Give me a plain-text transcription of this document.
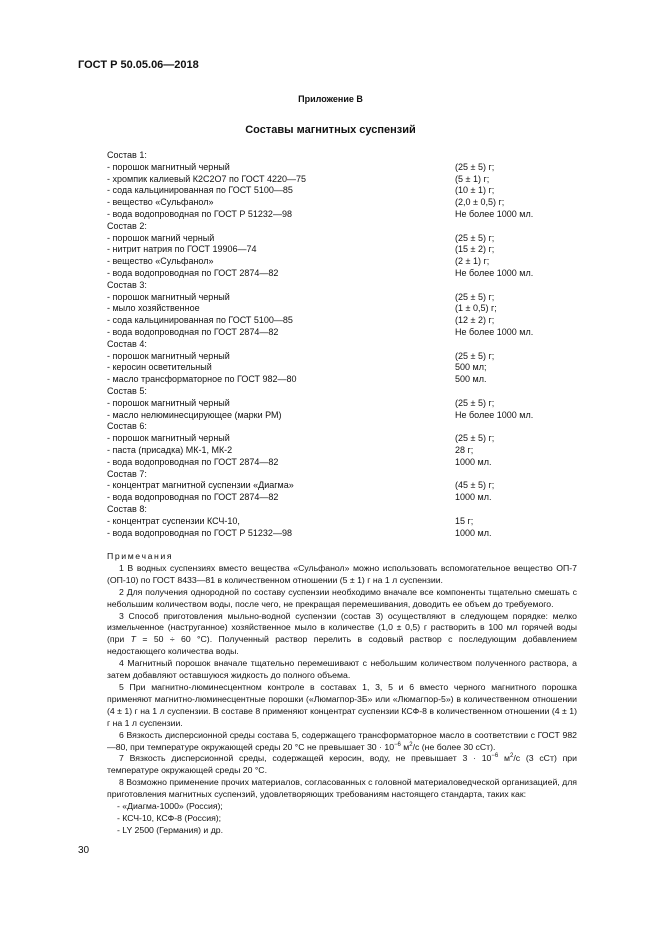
ГОСТ Р 50.05.06—2018
Приложение В
Составы магнитных суспензий
Состав 1:
- порошок магнитный черный	(25 ± 5) г;
- хромпик калиевый К2С2О7 по ГОСТ 4220—75	(5 ± 1) г;
- сода кальцинированная по ГОСТ 5100—85	(10 ± 1) г;
- вещество «Сульфанол»	(2,0 ± 0,5) г;
- вода водопроводная по ГОСТ Р 51232—98	Не более 1000 мл.
Состав 2:
- порошок магний черный	(25 ± 5) г;
- нитрит натрия по ГОСТ 19906—74	(15 ± 2) г;
- вещество «Сульфанол»	(2 ± 1) г;
- вода водопроводная по ГОСТ 2874—82	Не более 1000 мл.
Состав 3:
- порошок магнитный черный	(25 ± 5) г;
- мыло хозяйственное	(1 ± 0,5) г;
- сода кальцинированная по ГОСТ 5100—85	(12 ± 2) г;
- вода водопроводная по ГОСТ 2874—82	Не более 1000 мл.
Состав 4:
- порошок магнитный черный	(25 ± 5) г;
- керосин осветительный	500 мл;
- масло трансформаторное по ГОСТ 982—80	500 мл.
Состав 5:
- порошок магнитный черный	(25 ± 5) г;
- масло нелюминесцирующее (марки РМ)	Не более 1000 мл.
Состав 6:
- порошок магнитный черный	(25 ± 5) г;
- паста (присадка) МК-1, МК-2	28 г;
- вода водопроводная по ГОСТ 2874—82	1000 мл.
Состав 7:
- концентрат магнитной суспензии «Диагма»	(45 ± 5) г;
- вода водопроводная по ГОСТ 2874—82	1000 мл.
Состав 8:
- концентрат суспензии КСЧ-10,	15 г;
- вода водопроводная по ГОСТ Р 51232—98	1000 мл.
Примечания

1 В водных суспензиях вместо вещества «Сульфанол» можно использовать вспомогательное вещество ОП-7 (ОП-10) по ГОСТ 8433—81 в количественном отношении (5 ± 1) г на 1 л суспензии.

2 Для получения однородной по составу суспензии необходимо вначале все компоненты тщательно смешать с небольшим количеством воды, после чего, не прекращая перемешивания, доводить ее объем до требуемого.

3 Способ приготовления мыльно-водной суспензии (состав 3) осуществляют в следующем порядке: мелко измельченное (наструганное) хозяйственное мыло в количестве (1,0 ± 0,5) г растворить в 100 мл горячей воды (при Т = 50 ÷ 60 °С). Полученный раствор перелить в содовый раствор с последующим добавлением недостающего количества воды.

4 Магнитный порошок вначале тщательно перемешивают с небольшим количеством полученного раствора, а затем добавляют оставшуюся жидкость до полного объема.

5 При магнитно-люминесцентном контроле в составах 1, 3, 5 и 6 вместо черного магнитного порошка применяют магнитно-люминесцентные порошки («Люмагпор-3Б» или «Люмагпор-5») в количественном отношении (4 ± 1) г на 1 л суспензии. В составе 8 применяют концентрат суспензии КСФ-8 в количественном отношении (4 ± 1) г на 1 л суспензии.

6 Вязкость дисперсионной среды состава 5, содержащего трансформаторное масло в соответствии с ГОСТ 982—80, при температуре окружающей среды 20 °С не превышает $30 \cdot 10^{-6}$ $м^2/с$ (не более 30 сСт).

7 Вязкость дисперсионной среды, содержащей керосин, воду, не превышает $3 \cdot 10^{-6}$ $м^2/с$ (3 сСт) при температуре окружающей среды 20 °С.

8 Возможно применение прочих материалов, согласованных с головной материаловедческой организацией, для приготовления магнитных суспензий, удовлетворяющих требованиям настоящего стандарта, таких как:

- «Диагма-1000» (Россия);

- КСЧ-10, КСФ-8 (Россия);

- LY 2500 (Германия) и др.

30
